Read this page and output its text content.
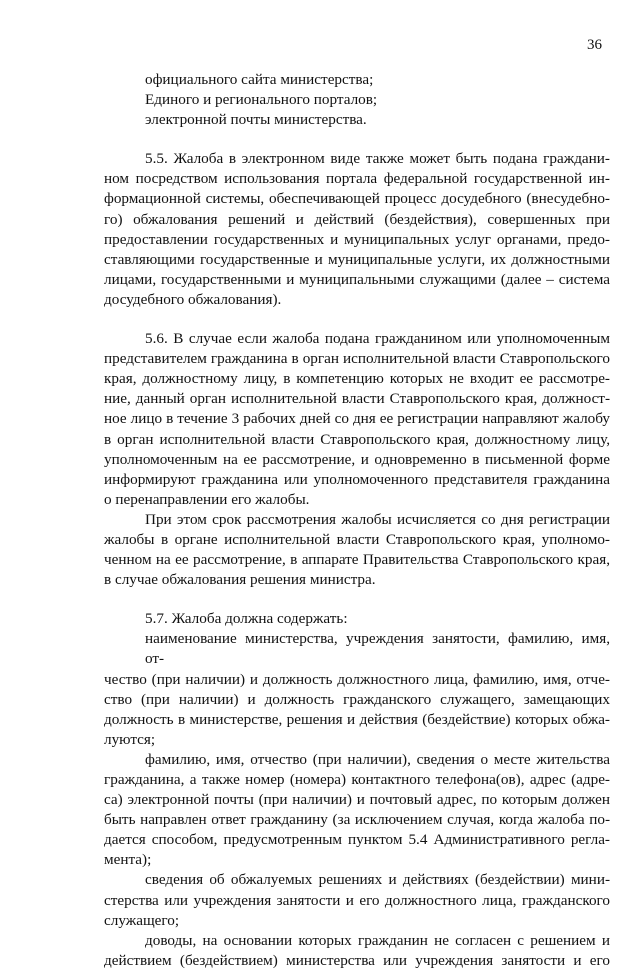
36
официального сайта министерства;
Единого и регионального порталов;
электронной почты министерства.
5.5. Жалоба в электронном виде также может быть подана граждани-
ном посредством использования портала федеральной государственной ин-
формационной системы, обеспечивающей процесс досудебного (внесудебно-
го) обжалования решений и действий (бездействия), совершенных при
предоставлении государственных и муниципальных услуг органами, предо-
ставляющими государственные и муниципальные услуги, их должностными
лицами, государственными и муниципальными служащими (далее – система
досудебного обжалования).
5.6. В случае если жалоба подана гражданином или уполномоченным
представителем гражданина в орган исполнительной власти Ставропольского
края, должностному лицу, в компетенцию которых не входит ее рассмотре-
ние, данный орган исполнительной власти Ставропольского края, должност-
ное лицо в течение 3 рабочих дней со дня ее регистрации направляют жалобу
в орган исполнительной власти Ставропольского края, должностному лицу,
уполномоченным на ее рассмотрение, и одновременно в письменной форме
информируют гражданина или уполномоченного представителя гражданина
о перенаправлении его жалобы.
При этом срок рассмотрения жалобы исчисляется со дня регистрации
жалобы в органе исполнительной власти Ставропольского края, уполномо-
ченном на ее рассмотрение, в аппарате Правительства Ставропольского края,
в случае обжалования решения министра.
5.7. Жалоба должна содержать:
наименование министерства, учреждения занятости, фамилию, имя, от-
чество (при наличии) и должность должностного лица, фамилию, имя, отче-
ство (при наличии) и должность гражданского служащего, замещающих
должность в министерстве, решения и действия (бездействие) которых обжа-
луются;
фамилию, имя, отчество (при наличии), сведения о месте жительства
гражданина, а также номер (номера) контактного телефона(ов), адрес (адре-
са) электронной почты (при наличии) и почтовый адрес, по которым должен
быть направлен ответ гражданину (за исключением случая, когда жалоба по-
дается способом, предусмотренным пунктом 5.4 Административного регла-
мента);
сведения об обжалуемых решениях и действиях (бездействии) мини-
стерства или учреждения занятости и его должностного лица, гражданского
служащего;
доводы, на основании которых гражданин не согласен с решением и
действием (бездействием) министерства или учреждения занятости и его
